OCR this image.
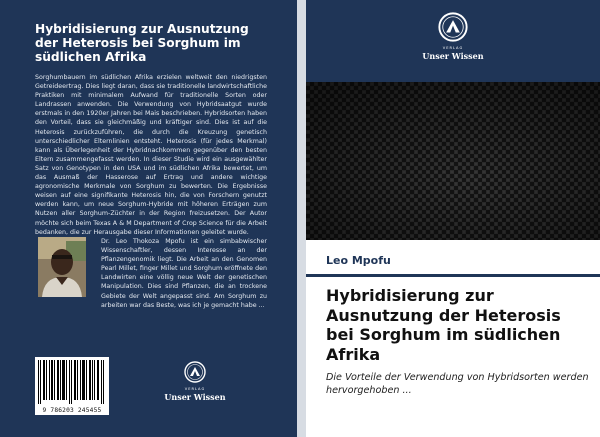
Hybridisierung zur Ausnutzung der Heterosis bei Sorghum im südlichen Afrika
Sorghumbauern im südlichen Afrika erzielen weltweit den niedrigsten Getreideertrag. Dies liegt daran, dass sie traditionelle landwirtschaftliche Praktiken mit minimalem Aufwand für traditionelle Sorten oder Landrassen anwenden. Die Verwendung von Hybridsaatgut wurde erstmals in den 1920er Jahren bei Mais beschrieben. Hybridsorten haben den Vorteil, dass sie gleichmäßig und kräftiger sind. Dies ist auf die Heterosis zurückzuführen, die durch die Kreuzung genetisch unterschiedlicher Elternlinien entsteht. Heterosis (für jedes Merkmal) kann als Überlegenheit der Hybridnachkommen gegenüber den besten Eltern zusammengefasst werden. In dieser Studie wird ein ausgewählter Satz von Genotypen in den USA und im südlichen Afrika bewertet, um das Ausmaß der Hasserose auf Ertrag und andere wichtige agronomische Merkmale von Sorghum zu bewerten. Die Ergebnisse weisen auf eine signifikante Heterosis hin, die von Forschern genutzt werden kann, um neue Sorghum-Hybride mit höheren Erträgen zum Nutzen aller Sorghum-Züchter in der Region freizusetzen. Der Autor möchte sich beim Texas A & M Department of Crop Science für die Arbeit bedanken, die zur Herausgabe dieser Informationen geleitet wurde.
Dr. Leo Thokoza Mpofu ist ein simbabwischer Wissenschaftler, dessen Interesse an der Pflanzengenomik liegt. Die Arbeit an den Genomen Pearl Millet, finger Millet und Sorghum eröffnete den Landwirten eine völlig neue Welt der genetischen Manipulation. Dies sind Pflanzen, die an trockene Gebiete der Welt angepasst sind. Am Sorghum zu arbeiten war das Beste, was ich je gemacht habe ...
9 786203 245455
VERLAG
Unser Wissen
VERLAG
Unser Wissen
Leo Mpofu
Hybridisierung zur Ausnutzung der Heterosis bei Sorghum im südlichen Afrika
Die Vorteile der Verwendung von Hybridsorten werden hervorgehoben ...
